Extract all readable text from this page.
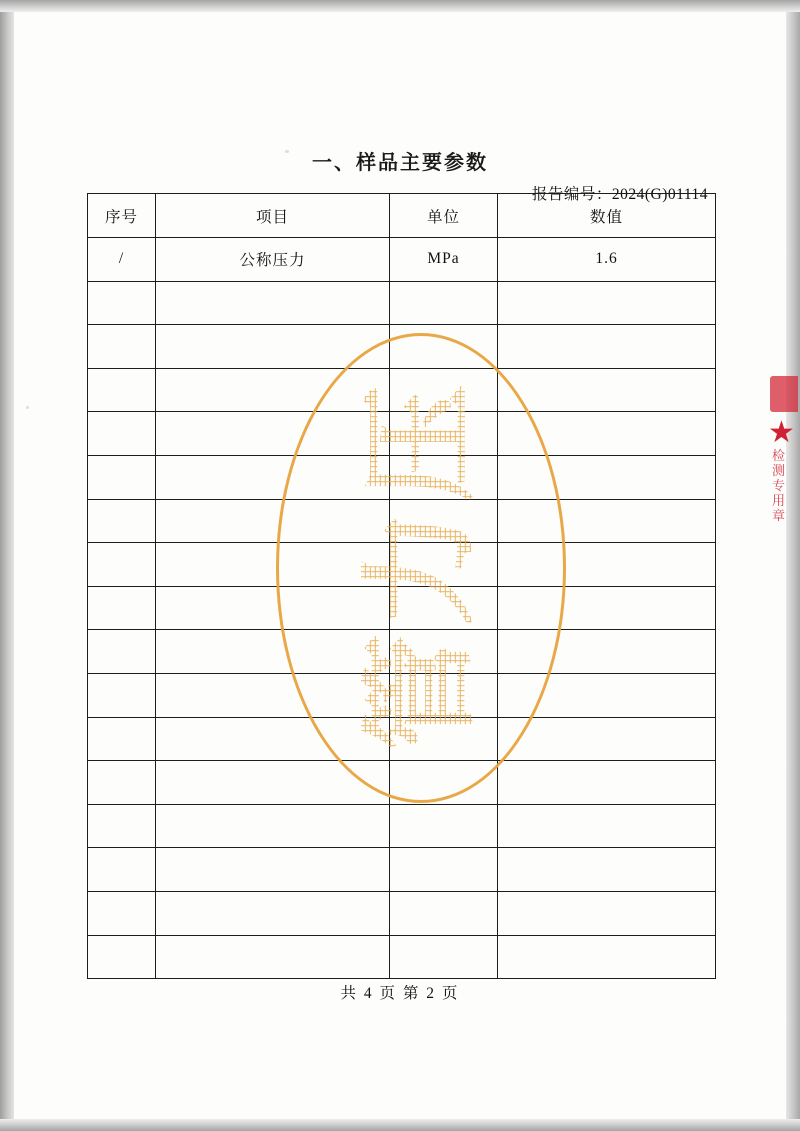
一、样品主要参数
报告编号：2024(G)01114
序号	项目	单位	数值
/	公称压力	MPa	1.6

压
力
管
共 4 页 第 2 页
检测专用章
